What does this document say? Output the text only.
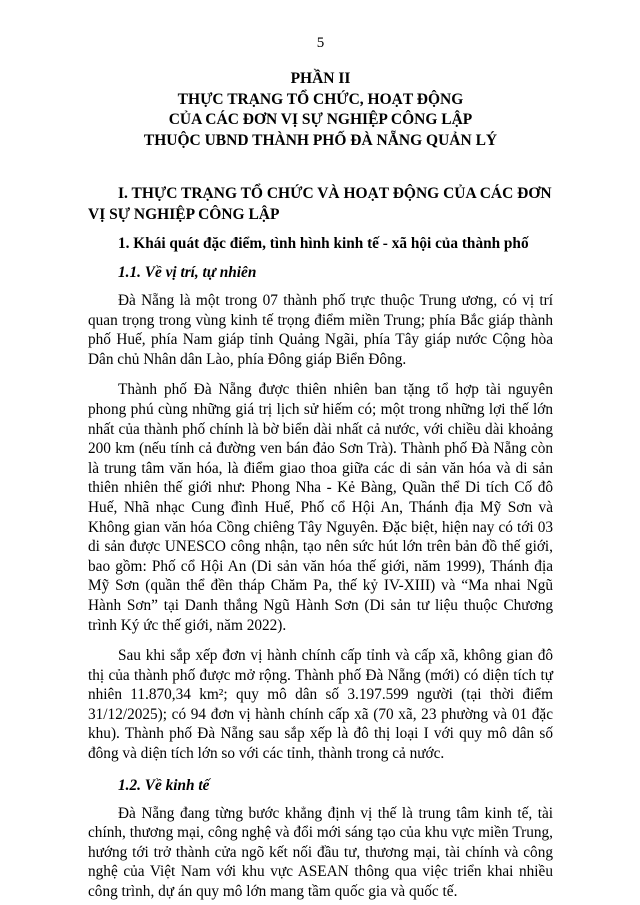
5
PHẦN II
THỰC TRẠNG TỔ CHỨC, HOẠT ĐỘNG
CỦA CÁC ĐƠN VỊ SỰ NGHIỆP CÔNG LẬP
THUỘC UBND THÀNH PHỐ ĐÀ NẴNG QUẢN LÝ
I. THỰC TRẠNG TỔ CHỨC VÀ HOẠT ĐỘNG CỦA CÁC ĐƠN VỊ SỰ NGHIỆP CÔNG LẬP
1. Khái quát đặc điểm, tình hình kinh tế - xã hội của thành phố
1.1. Về vị trí, tự nhiên

Đà Nẵng là một trong 07 thành phố trực thuộc Trung ương, có vị trí quan trọng trong vùng kinh tế trọng điểm miền Trung; phía Bắc giáp thành phố Huế, phía Nam giáp tỉnh Quảng Ngãi, phía Tây giáp nước Cộng hòa Dân chủ Nhân dân Lào, phía Đông giáp Biển Đông.

Thành phố Đà Nẵng được thiên nhiên ban tặng tổ hợp tài nguyên phong phú cùng những giá trị lịch sử hiếm có; một trong những lợi thế lớn nhất của thành phố chính là bờ biển dài nhất cả nước, với chiều dài khoảng 200 km (nếu tính cả đường ven bán đảo Sơn Trà). Thành phố Đà Nẵng còn là trung tâm văn hóa, là điểm giao thoa giữa các di sản văn hóa và di sản thiên nhiên thế giới như: Phong Nha - Kẻ Bàng, Quần thể Di tích Cố đô Huế, Nhã nhạc Cung đình Huế, Phố cổ Hội An, Thánh địa Mỹ Sơn và Không gian văn hóa Cồng chiêng Tây Nguyên. Đặc biệt, hiện nay có tới 03 di sản được UNESCO công nhận, tạo nên sức hút lớn trên bản đồ thế giới, bao gồm: Phố cổ Hội An (Di sản văn hóa thế giới, năm 1999), Thánh địa Mỹ Sơn (quần thể đền tháp Chăm Pa, thế kỷ IV-XIII) và “Ma nhai Ngũ Hành Sơn” tại Danh thắng Ngũ Hành Sơn (Di sản tư liệu thuộc Chương trình Ký ức thế giới, năm 2022).

Sau khi sắp xếp đơn vị hành chính cấp tỉnh và cấp xã, không gian đô thị của thành phố được mở rộng. Thành phố Đà Nẵng (mới) có diện tích tự nhiên 11.870,34 km²; quy mô dân số 3.197.599 người (tại thời điểm 31/12/2025); có 94 đơn vị hành chính cấp xã (70 xã, 23 phường và 01 đặc khu). Thành phố Đà Nẵng sau sắp xếp là đô thị loại I với quy mô dân số đông và diện tích lớn so với các tỉnh, thành trong cả nước.

1.2. Về kinh tế

Đà Nẵng đang từng bước khẳng định vị thế là trung tâm kinh tế, tài chính, thương mại, công nghệ và đổi mới sáng tạo của khu vực miền Trung, hướng tới trở thành cửa ngõ kết nối đầu tư, thương mại, tài chính và công nghệ của Việt Nam với khu vực ASEAN thông qua việc triển khai nhiều công trình, dự án quy mô lớn mang tầm quốc gia và quốc tế.
